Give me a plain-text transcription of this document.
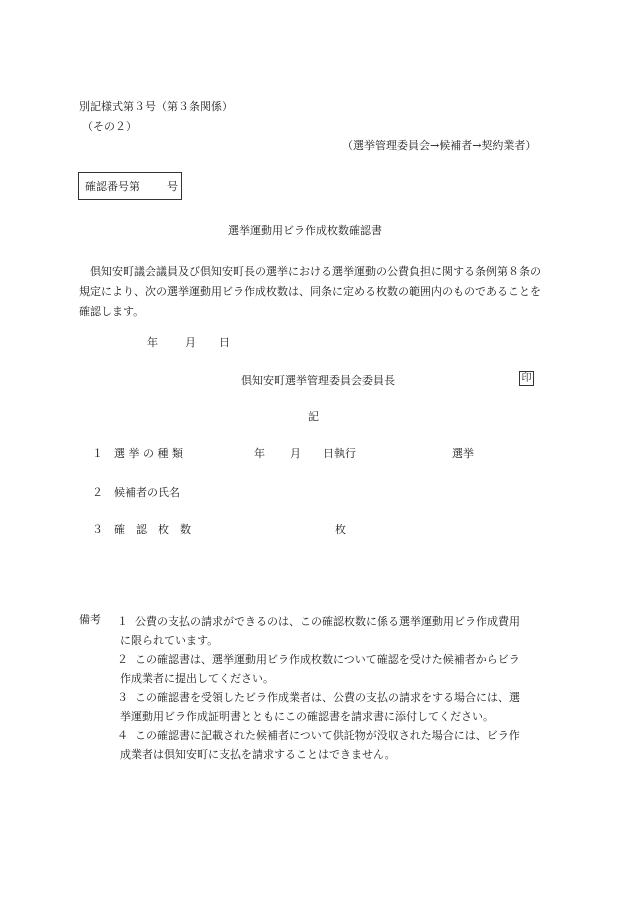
別記様式第３号（第３条関係）
（その２）
（選挙管理委員会→候補者→契約業者）
確認番号第 号
選挙運動用ビラ作成枚数確認書
倶知安町議会議員及び倶知安町長の選挙における選挙運動の公費負担に関する条例第８条の規定により、次の選挙運動用ビラ作成枚数は、同条に定める枚数の範囲内のものであることを確認します。
年 月 日
倶知安町選挙管理委員会委員長	印
記
１ 選 挙 の 種 類	年 月 日執行	選挙
２ 候補者の氏名
３ 確　認　枚　数	枚
備考 １ 公費の支払の請求ができるのは、この確認枚数に係る選挙運動用ビラ作成費用
に限られています。
２ この確認書は、選挙運動用ビラ作成枚数について確認を受けた候補者からビラ
作成業者に提出してください。
３ この確認書を受領したビラ作成業者は、公費の支払の請求をする場合には、選
挙運動用ビラ作成証明書とともにこの確認書を請求書に添付してください。
４ この確認書に記載された候補者について供託物が没収された場合には、ビラ作
成業者は倶知安町に支払を請求することはできません。
